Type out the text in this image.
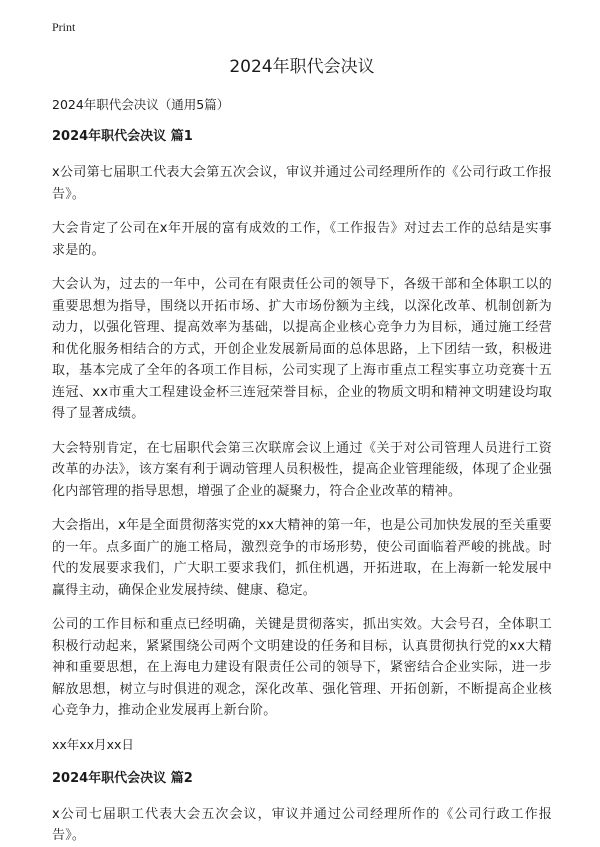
Print
2024年职代会决议
2024年职代会决议（通用5篇）
2024年职代会决议 篇1

x公司第七届职工代表大会第五次会议，审议并通过公司经理所作的《公司行政工作报告》。

大会肯定了公司在x年开展的富有成效的工作，《工作报告》对过去工作的总结是实事求是的。

大会认为，过去的一年中，公司在有限责任公司的领导下，各级干部和全体职工以的重要思想为指导，围绕以开拓市场、扩大市场份额为主线，以深化改革、机制创新为动力，以强化管理、提高效率为基础，以提高企业核心竞争力为目标，通过施工经营和优化服务相结合的方式，开创企业发展新局面的总体思路，上下团结一致，积极进取，基本完成了全年的各项工作目标，公司实现了上海市重点工程实事立功竞赛十五连冠、xx市重大工程建设金杯三连冠荣誉目标，企业的物质文明和精神文明建设均取得了显著成绩。

大会特别肯定，在七届职代会第三次联席会议上通过《关于对公司管理人员进行工资改革的办法》，该方案有利于调动管理人员积极性，提高企业管理能级，体现了企业强化内部管理的指导思想，增强了企业的凝聚力，符合企业改革的精神。

大会指出，x年是全面贯彻落实党的xx大精神的第一年，也是公司加快发展的至关重要的一年。点多面广的施工格局，激烈竞争的市场形势，使公司面临着严峻的挑战。时代的发展要求我们，广大职工要求我们，抓住机遇，开拓进取，在上海新一轮发展中赢得主动，确保企业发展持续、健康、稳定。

公司的工作目标和重点已经明确，关键是贯彻落实，抓出实效。大会号召，全体职工积极行动起来，紧紧围绕公司两个文明建设的任务和目标，认真贯彻执行党的xx大精神和重要思想，在上海电力建设有限责任公司的领导下，紧密结合企业实际，进一步解放思想，树立与时俱进的观念，深化改革、强化管理、开拓创新，不断提高企业核心竞争力，推动企业发展再上新台阶。

xx年xx月xx日
2024年职代会决议 篇2

x公司七届职工代表大会五次会议，审议并通过公司经理所作的《公司行政工作报告》。
